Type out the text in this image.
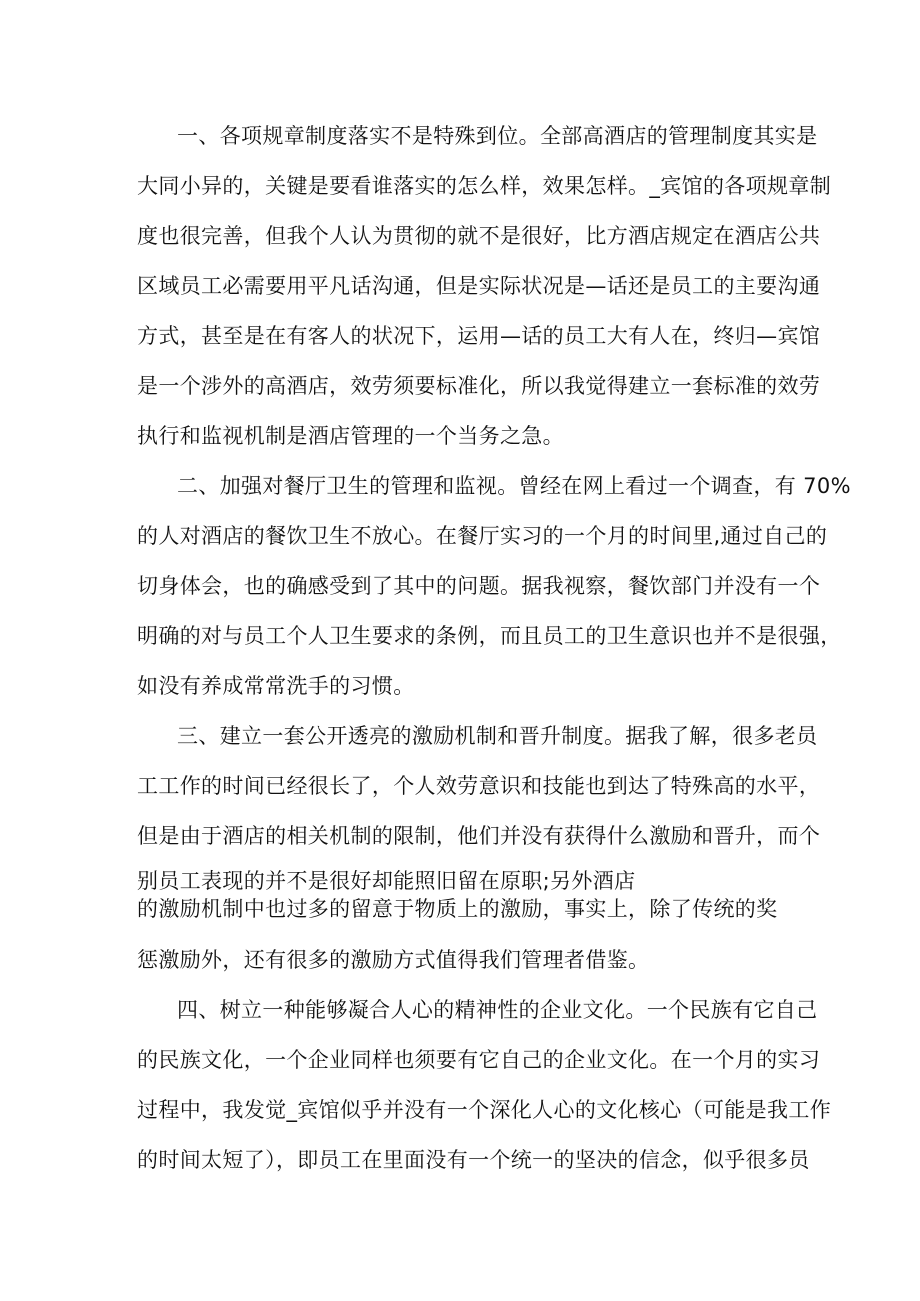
一、各项规章制度落实不是特殊到位。全部高酒店的管理制度其实是
大同小异的，关键是要看谁落实的怎么样，效果怎样。_宾馆的各项规章制
度也很完善，但我个人认为贯彻的就不是很好，比方酒店规定在酒店公共
区域员工必需要用平凡话沟通，但是实际状况是—话还是员工的主要沟通
方式，甚至是在有客人的状况下，运用—话的员工大有人在，终归—宾馆
是一个涉外的高酒店，效劳须要标准化，所以我觉得建立一套标准的效劳
执行和监视机制是酒店管理的一个当务之急。
二、加强对餐厅卫生的管理和监视。曾经在网上看过一个调查，有 70%
的人对酒店的餐饮卫生不放心。在餐厅实习的一个月的时间里,通过自己的
切身体会，也的确感受到了其中的问题。据我视察，餐饮部门并没有一个
明确的对与员工个人卫生要求的条例，而且员工的卫生意识也并不是很强，
如没有养成常常洗手的习惯。
三、建立一套公开透亮的激励机制和晋升制度。据我了解，很多老员
工工作的时间已经很长了，个人效劳意识和技能也到达了特殊高的水平，
但是由于酒店的相关机制的限制，他们并没有获得什么激励和晋升，而个
别员工表现的并不是很好却能照旧留在原职;另外酒店
的激励机制中也过多的留意于物质上的激励，事实上，除了传统的奖
惩激励外，还有很多的激励方式值得我们管理者借鉴。
四、树立一种能够凝合人心的精神性的企业文化。一个民族有它自己
的民族文化，一个企业同样也须要有它自己的企业文化。在一个月的实习
过程中，我发觉_宾馆似乎并没有一个深化人心的文化核心（可能是我工作
的时间太短了），即员工在里面没有一个统一的坚决的信念，似乎很多员
